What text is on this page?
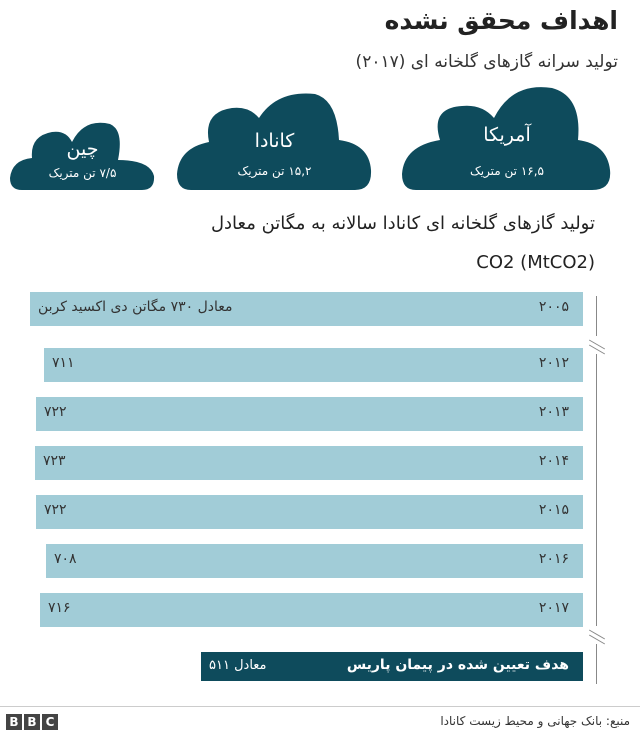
اهداف محقق نشده
تولید سرانه گازهای گلخانه ای (۲۰۱۷)
آمریکا
۱۶,۵ تن متریک
کانادا
۱۵,۲ تن متریک
چین
۷/۵ تن متریک
تولید گازهای گلخانه ای کانادا سالانه به مگاتن معادل
CO2 (MtCO2)
۲۰۰۵
معادل ۷۳۰ مگاتن دی اکسید کربن
۲۰۱۲
۷۱۱
۲۰۱۳
۷۲۲
۲۰۱۴
۷۲۳
۲۰۱۵
۷۲۲
۲۰۱۶
۷۰۸
۲۰۱۷
۷۱۶
هدف تعیین شده در پیمان پاریس
معادل ۵۱۱
منبع: بانک جهانی و محیط زیست کانادا
B B C
